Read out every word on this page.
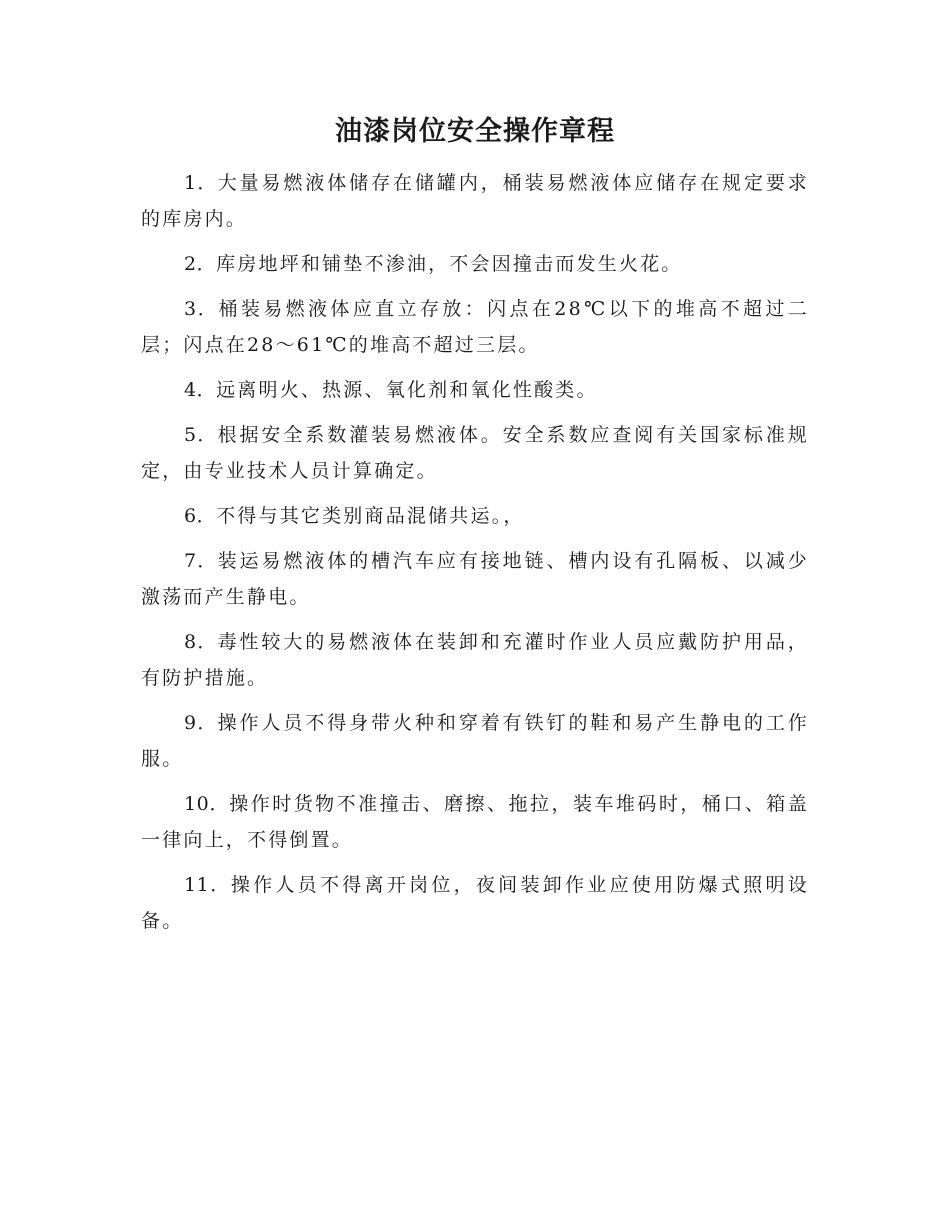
油漆岗位安全操作章程

1．大量易燃液体储存在储罐内，桶装易燃液体应储存在规定要求的库房内。

2．库房地坪和铺垫不渗油，不会因撞击而发生火花。

3．桶装易燃液体应直立存放：闪点在28℃以下的堆高不超过二层；闪点在28～61℃的堆高不超过三层。

4．远离明火、热源、氧化剂和氧化性酸类。

5．根据安全系数灌装易燃液体。安全系数应查阅有关国家标准规定，由专业技术人员计算确定。

6．不得与其它类别商品混储共运。，

7．装运易燃液体的槽汽车应有接地链、槽内设有孔隔板、以减少激荡而产生静电。

8．毒性较大的易燃液体在装卸和充灌时作业人员应戴防护用品，有防护措施。

9．操作人员不得身带火种和穿着有铁钉的鞋和易产生静电的工作服。

10．操作时货物不准撞击、磨擦、拖拉，装车堆码时，桶口、箱盖一律向上，不得倒置。

11．操作人员不得离开岗位，夜间装卸作业应使用防爆式照明设备。
